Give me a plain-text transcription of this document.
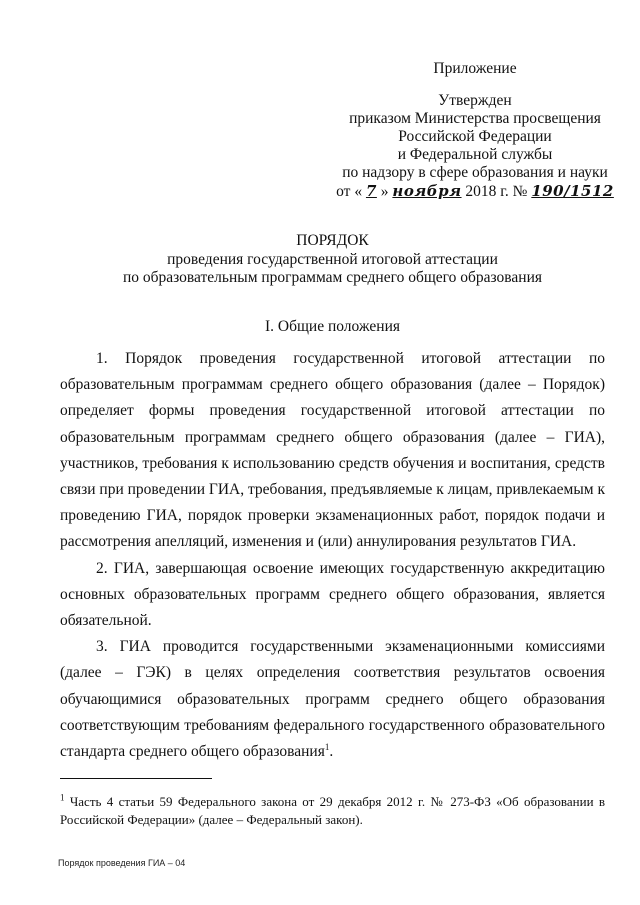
Приложение
Утвержден
приказом Министерства просвещения
Российской Федерации
и Федеральной службы
по надзору в сфере образования и науки
от « 7 » ноября 2018 г. № 190/1512
ПОРЯДОК
проведения государственной итоговой аттестации
по образовательным программам среднего общего образования
I. Общие положения

1. Порядок проведения государственной итоговой аттестации по образовательным программам среднего общего образования (далее – Порядок) определяет формы проведения государственной итоговой аттестации по образовательным программам среднего общего образования (далее – ГИА), участников, требования к использованию средств обучения и воспитания, средств связи при проведении ГИА, требования, предъявляемые к лицам, привлекаемым к проведению ГИА, порядок проверки экзаменационных работ, порядок подачи и рассмотрения апелляций, изменения и (или) аннулирования результатов ГИА.

2. ГИА, завершающая освоение имеющих государственную аккредитацию основных образовательных программ среднего общего образования, является обязательной.

3. ГИА проводится государственными экзаменационными комиссиями (далее – ГЭК) в целях определения соответствия результатов освоения обучающимися образовательных программ среднего общего образования соответствующим требованиям федерального государственного образовательного стандарта среднего общего образования$^1$.

$^1$ Часть 4 статьи 59 Федерального закона от 29 декабря 2012 г. № 273-ФЗ «Об образовании в Российской Федерации» (далее – Федеральный закон).
Порядок проведения ГИА – 04
